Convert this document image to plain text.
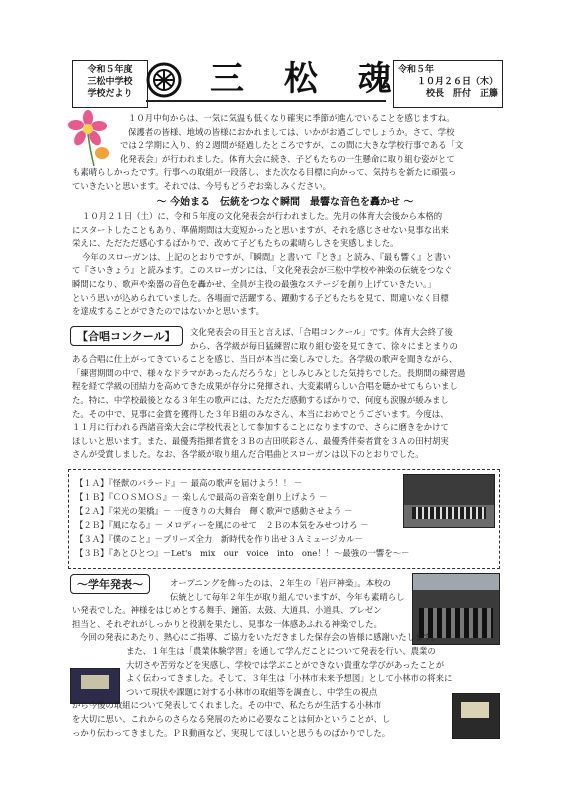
令和５年度
三松中学校
学校だより	三 松 魂
令和５年
１０月２６日（木）
校長　肝付　正籐
１０月中旬からは、一気に気温も低くなり確実に季節が進んでいることを感じますね。
保護者の皆様、地域の皆様におかれましては、いかがお過ごしでしょうか。さて、学校
では２学期に入り、約２週間が経過したところですが、この間に大きな学校行事である「文
化発表会」が行われました。体育大会に続き、子どもたちの一生懸命に取り組む姿がとて
も素晴らしかったです。行事への取組が一段落し、また次なる目標に向かって、気持ちを新たに頑張っ
ていきたいと思います。それでは、今号もどうぞお楽しみください。
～ 今始まる　伝統をつなぐ瞬間　最響な音色を轟かせ ～
１０月２１日（土）に、令和５年度の文化発表会が行われました。先月の体育大会後から本格的
にスタートしたこともあり、準備期間は大変短かったと思いますが、それを感じさせない見事な出来
栄えに、ただただ感心するばかりで、改めて子どもたちの素晴らしさを実感しました。
今年のスローガンは、上記のとおりですが、『瞬間』と書いて『とき』と読み、『最も響く』と書い
て『さいきょう』と読みます。このスローガンには、「文化発表会が三松中学校や神楽の伝統をつなぐ
瞬間になり、歌声や楽器の音色を轟かせ、全員が主役の最強なステージを創り上げていきたい。」
という思いが込められていました。各場面で活躍する、躍動する子どもたちを見て、間違いなく目標
を達成することができたのではないかと思います。
【合唱コンクール】	文化発表会の目玉と言えば、「合唱コンクール」です。体育大会終了後
から、各学級が毎日猛練習に取り組む姿を見てきて、徐々にまとまりの
ある合唱に仕上がってきていることを感じ、当日が本当に楽しみでした。各学級の歌声を聞きながら、
「練習期間の中で、様々なドラマがあったんだろうな」としみじみとした気持ちでした。長期間の練習過
程を経て学級の団結力を高めてきた成果が存分に発揮され、大変素晴らしい合唱を聴かせてもらいまし
た。特に、中学校最後となる３年生の歌声には、ただただ感動するばかりで、何度も涙腺が緩みまし
た。その中で、見事に金賞を獲得した３年Ｂ組のみなさん、本当におめでとうございます。今度は、
１１月に行われる西諸音楽大会に学校代表として参加することになりますので、さらに磨きをかけて
ほしいと思います。また、最優秀指揮者賞を３Ｂの吉田咲彩さん、最優秀伴奏者賞を３Ａの田村胡実
さんが受賞しました。なお、各学級が取り組んだ合唱曲とスローガンは以下のとおりでした。
【１Ａ】『怪獣のバラード』－ 最高の歌声を届けよう！！ －
【１Ｂ】『ＣＯＳＭＯＳ』－ 楽しんで最高の音楽を創り上げよう －
【２Ａ】『栄光の架橋』－ 一度きりの大舞台　輝く歌声で感動させよう －
【２Ｂ】『風になる』－ メロディーを風にのせて　２Ｂの本気をみせつけろ －
【３Ａ】『僕のこと』－ブリーズ全力　新時代を作り出せ３Ａミュージカル－
【３Ｂ】『あとひとつ』－Let's　mix　our　voice　into　one！！～最強の一響を～－
～学年発表～	オープニングを飾ったのは、２年生の「岩戸神楽」。本校の
伝統として毎年２年生が取り組んでいますが、今年も素晴らし
い発表でした。神様をはじめとする舞手、鐘笛、太鼓、大道具、小道具、プレゼン
担当と、それぞれがしっかりと役割を果たし、見事な一体感あふれる神楽でした。
今回の発表にあたり、熱心にご指導、ご協力をいただきました保存会の皆様に感謝いたします。
また、１年生は「農業体験学習」を通して学んだことについて発表を行い、農業の
大切さや苦労などを実感し、学校では学ぶことができない貴重な学びがあったことが
よく伝わってきました。そして、３年生は「小林市未来予想図」として小林市の将来に
ついて現状や課題に対する小林市の取組等を調査し、中学生の視点
から今後の取組について発表してくれました。その中で、私たちが生活する小林市
を大切に思い、これからのさらなる発展のために必要なことは何かということが、し
っかり伝わってきました。ＰＲ動画など、実現してほしいと思うものばかりでした。
